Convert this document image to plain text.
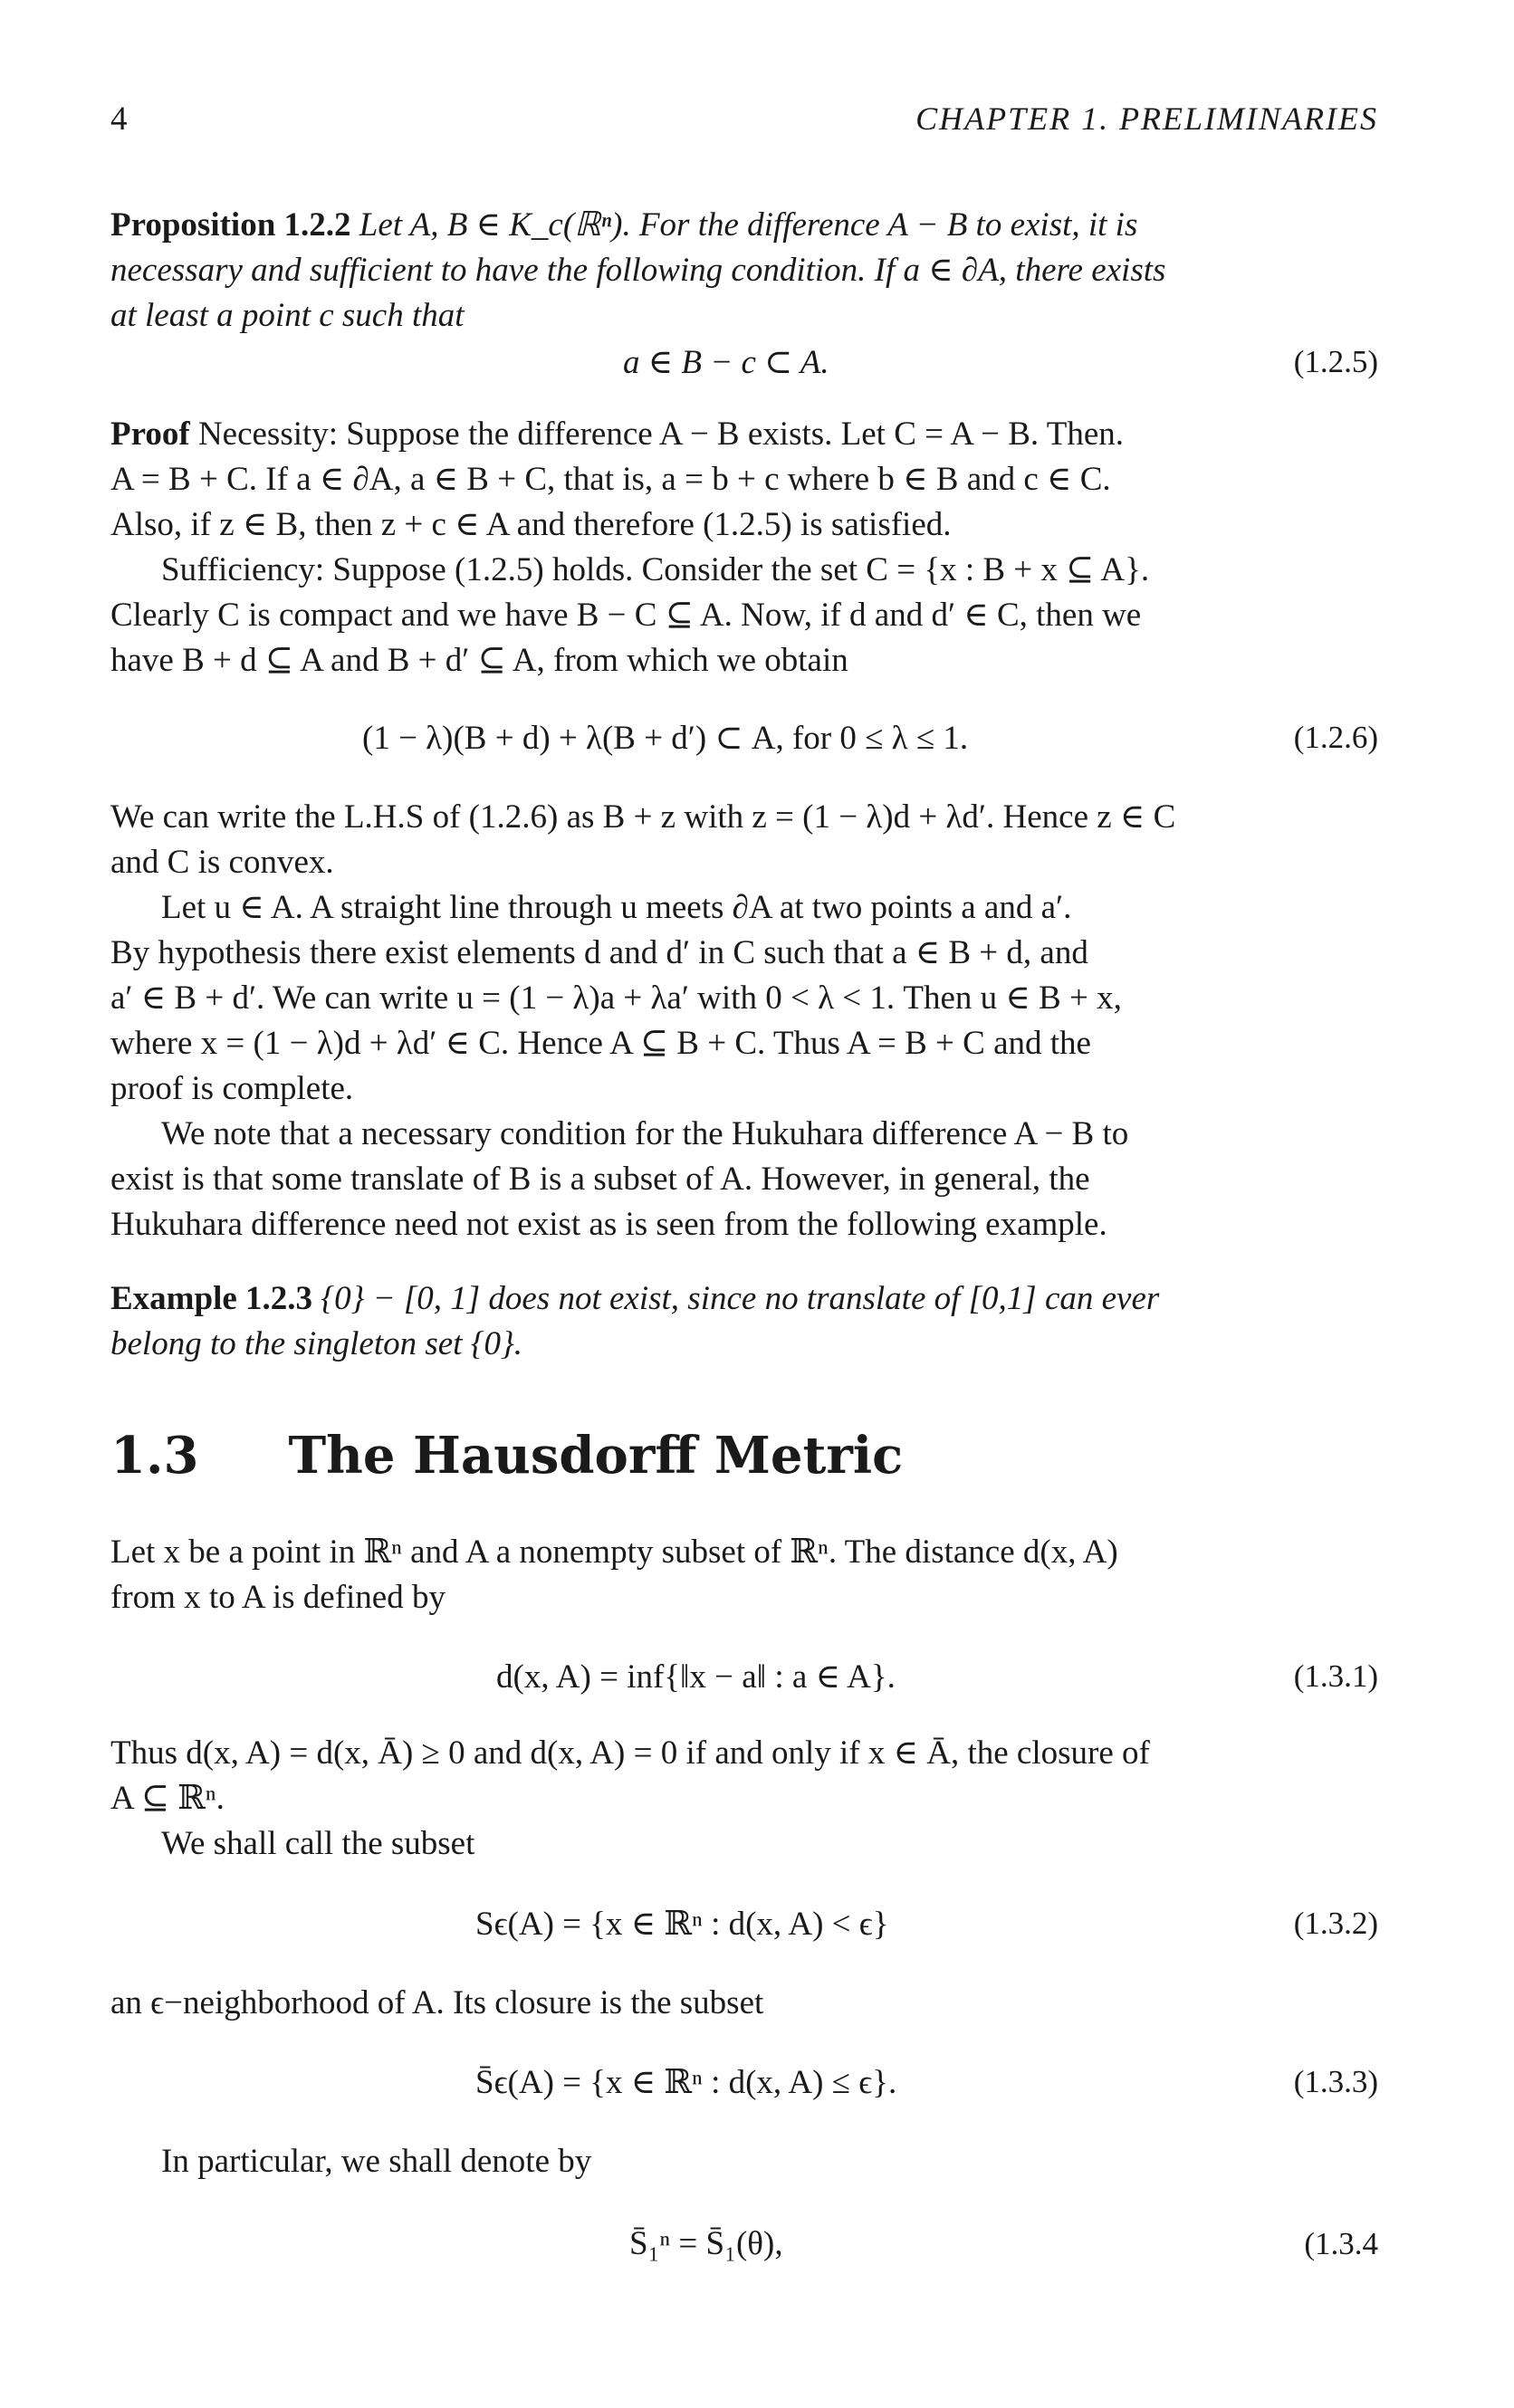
4	CHAPTER 1. PRELIMINARIES
Proposition 1.2.2 Let A, B ∈ K_c(ℝⁿ). For the difference A − B to exist, it is
necessary and sufficient to have the following condition. If a ∈ ∂A, there exists
at least a point c such that
a ∈ B − c ⊂ A.	(1.2.5)
Proof Necessity: Suppose the difference A − B exists. Let C = A − B. Then.
A = B + C. If a ∈ ∂A, a ∈ B + C, that is, a = b + c where b ∈ B and c ∈ C.
Also, if z ∈ B, then z + c ∈ A and therefore (1.2.5) is satisfied.
Sufficiency: Suppose (1.2.5) holds. Consider the set C = {x : B + x ⊆ A}.
Clearly C is compact and we have B − C ⊆ A. Now, if d and d′ ∈ C, then we
have B + d ⊆ A and B + d′ ⊆ A, from which we obtain
(1 − λ)(B + d) + λ(B + d′) ⊂ A, for 0 ≤ λ ≤ 1.	(1.2.6)
We can write the L.H.S of (1.2.6) as B + z with z = (1 − λ)d + λd′. Hence z ∈ C
and C is convex.
Let u ∈ A. A straight line through u meets ∂A at two points a and a′.
By hypothesis there exist elements d and d′ in C such that a ∈ B + d, and
a′ ∈ B + d′. We can write u = (1 − λ)a + λa′ with 0 < λ < 1. Then u ∈ B + x,
where x = (1 − λ)d + λd′ ∈ C. Hence A ⊆ B + C. Thus A = B + C and the
proof is complete.
We note that a necessary condition for the Hukuhara difference A − B to
exist is that some translate of B is a subset of A. However, in general, the
Hukuhara difference need not exist as is seen from the following example.
Example 1.2.3 {0} − [0, 1] does not exist, since no translate of [0,1] can ever
belong to the singleton set {0}.
1.3 The Hausdorff Metric
Let x be a point in ℝⁿ and A a nonempty subset of ℝⁿ. The distance d(x, A)
from x to A is defined by
d(x, A) = inf{‖x − a‖ : a ∈ A}.	(1.3.1)
Thus d(x, A) = d(x, Ā) ≥ 0 and d(x, A) = 0 if and only if x ∈ Ā, the closure of
A ⊆ ℝⁿ.
We shall call the subset
Sϵ(A) = {x ∈ ℝⁿ : d(x, A) < ϵ}	(1.3.2)
an ϵ−neighborhood of A. Its closure is the subset
S̄ϵ(A) = {x ∈ ℝⁿ : d(x, A) ≤ ϵ}.	(1.3.3)
In particular, we shall denote by
S̄₁ⁿ = S̄₁(θ),	(1.3.4
